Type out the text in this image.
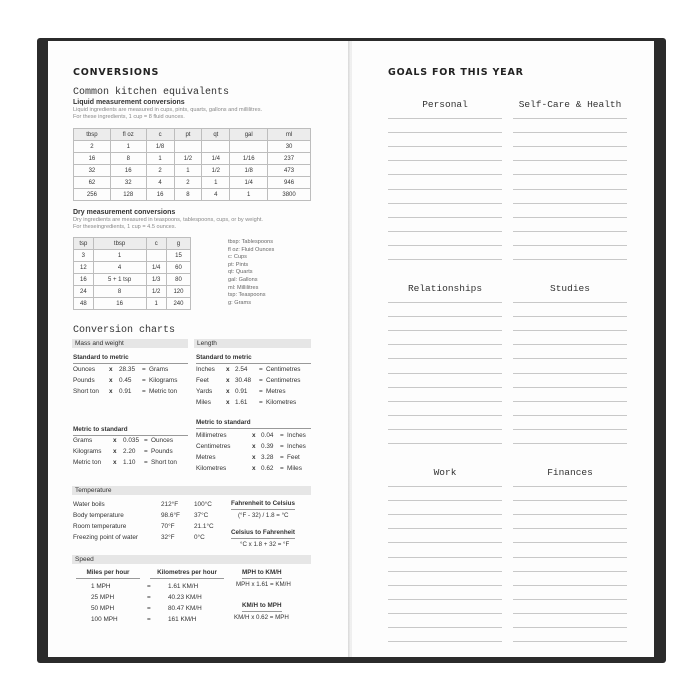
CONVERSIONS
Common kitchen equivalents
Liquid measurement conversions
Liquid ingredients are measured in cups, pints, quarts, gallons and millilitres.
For these ingredients, 1 cup = 8 fluid ounces.
tbsp	fl oz	c	pt	qt	gal	ml
2	1	1/8				30
16	8	1	1/2	1/4	1/16	237
32	16	2	1	1/2	1/8	473
62	32	4	2	1	1/4	946
256	128	16	8	4	1	3800
Dry measurement conversions
Dry ingredients are measured in teaspoons, tablespoons, cups, or by weight.
For theseingredients, 1 cup = 4.5 ounces.
tsp	tbsp	c	g
3	1		15
12	4	1/4	60
16	5 + 1 tsp	1/3	80
24	8	1/2	120
48	16	1	240
tbsp: Tablespoons
fl oz: Fluid Ounces
c: Cups
pt: Pints
qt: Quarts
gal: Gallons
ml: Millilitres
tsp: Teaspoons
g: Grams
Conversion charts
Mass and weight
Standard to metric
Ounces x 28.35 = Grams
Pounds x 0.45 = Kilograms
Short ton x 0.91 = Metric ton
Metric to standard
Grams	x 0.035 = Ounces
Kilograms x 2.20 = Pounds
Metric ton x 1.10 = Short ton
Length
Standard to metric
Inches x 2.54 = Centimetres
Feet	x 30.48 = Centimetres
Yards x 0.91 = Metres
Miles x 1.61 = Kilometres
Metric to standard
Millimetres	x 0.04 = Inches
Centimetres	x 0.39 = Inches
Metres	x 3.28 = Feet
Kilometres	x 0.62 = Miles
Temperature
Water boils	212°F 100°C
Body temperature	98.6°F 37°C
Room temperature	70°F	21.1°C
Freezing point of water	32°F	0°C
Fahrenheit to Celsius
(°F - 32) / 1.8 = °C
Celsius to Fahrenheit
°C x 1.8 + 32 = °F
Speed
Miles per hour	Kilometres per hour
1 MPH	=	1.61 KM/H
25 MPH	=	40.23 KM/H
50 MPH	=	80.47 KM/H
100 MPH	=	161 KM/H
MPH to KM/H
MPH x 1.61 = KM/H
KM/H to MPH
KM/H x 0.62 = MPH
GOALS FOR THIS YEAR
Personal	Self-Care & Health
Relationships	Studies
Work	Finances
